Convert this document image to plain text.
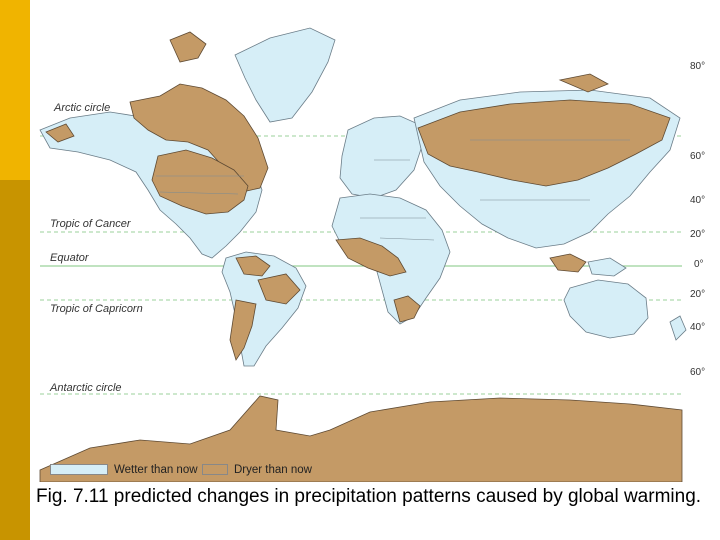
Arctic circle
Tropic of Cancer
Equator
Tropic of Capricorn
Antarctic circle
80°
60°
40°
20°
0°
20°
40°
60°
Wetter than now	Dryer than now
Fig. 7.11 predicted changes in precipitation patterns caused by global warming.
